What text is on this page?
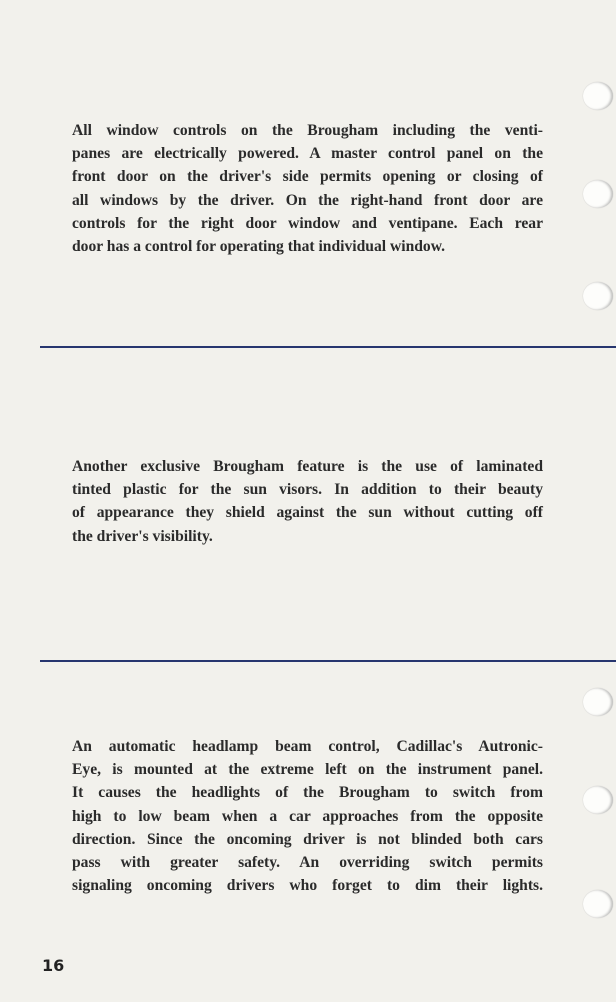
All window controls on the Brougham including the venti-
panes are electrically powered. A master control panel on the
front door on the driver's side permits opening or closing of
all windows by the driver. On the right-hand front door are
controls for the right door window and ventipane. Each rear
door has a control for operating that individual window.
Another exclusive Brougham feature is the use of laminated
tinted plastic for the sun visors. In addition to their beauty
of appearance they shield against the sun without cutting off
the driver's visibility.
An automatic headlamp beam control, Cadillac's Autronic-
Eye, is mounted at the extreme left on the instrument panel.
It causes the headlights of the Brougham to switch from
high to low beam when a car approaches from the opposite
direction. Since the oncoming driver is not blinded both cars
pass with greater safety. An overriding switch permits
signaling oncoming drivers who forget to dim their lights.
16
